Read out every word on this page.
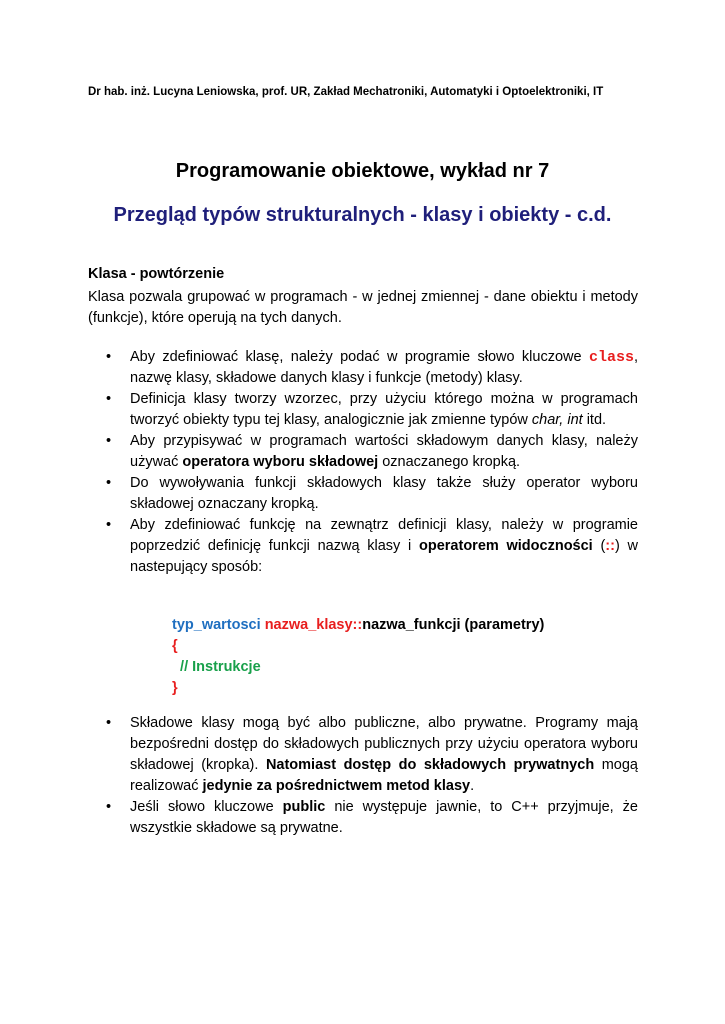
Dr hab. inż. Lucyna Leniowska, prof. UR, Zakład Mechatroniki, Automatyki i Optoelektroniki, IT
Programowanie obiektowe, wykład nr 7
Przegląd typów strukturalnych - klasy i obiekty - c.d.
Klasa - powtórzenie
Klasa pozwala grupować w programach - w jednej zmiennej - dane obiektu i metody (funkcje), które operują na tych danych.
• Aby zdefiniować klasę, należy podać w programie słowo kluczowe class, nazwę klasy, składowe danych klasy i funkcje (metody) klasy.
• Definicja klasy tworzy wzorzec, przy użyciu którego można w programach tworzyć obiekty typu tej klasy, analogicznie jak zmienne typów char, int itd.
• Aby przypisywać w programach wartości składowym danych klasy, należy używać operatora wyboru składowej oznaczanego kropką.
• Do wywoływania funkcji składowych klasy także służy operator wyboru składowej oznaczany kropką.
• Aby zdefiniować funkcję na zewnątrz definicji klasy, należy w programie poprzedzić definicję funkcji nazwą klasy i operatorem widoczności (::) w nastepujący sposób:
typ_wartosci nazwa_klasy::nazwa_funkcji (parametry)
{
// Instrukcje
}
• Składowe klasy mogą być albo publiczne, albo prywatne. Programy mają bezpośredni dostęp do składowych publicznych przy użyciu operatora wyboru składowej (kropka). Natomiast dostęp do składowych prywatnych mogą realizować jedynie za pośrednictwem metod klasy.
• Jeśli słowo kluczowe public nie występuje jawnie, to C++ przyjmuje, że wszystkie składowe są prywatne.
